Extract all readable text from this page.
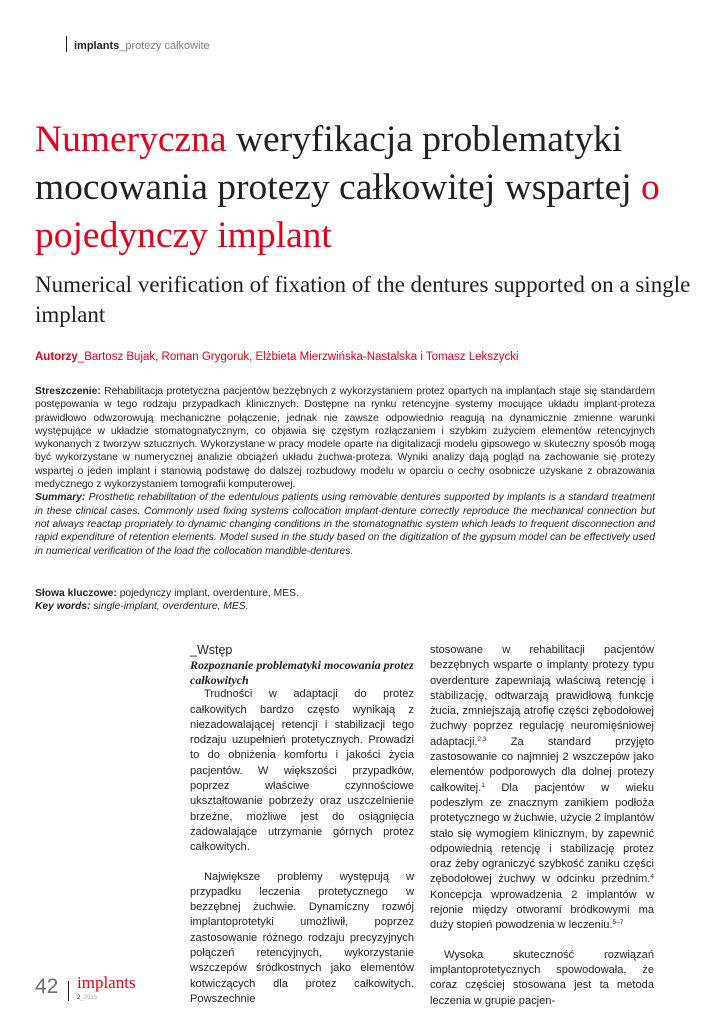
implants_protezy całkowite
Numeryczna weryfikacja problematyki mocowania protezy całkowitej wspartej o pojedynczy implant
Numerical verification of fixation of the dentures supported on a single implant
Autorzy_Bartosz Bujak, Roman Grygoruk, Elżbieta Mierzwińska-Nastalska i Tomasz Lekszycki

Streszczenie: Rehabilitacja protetyczna pacjentów bezzębnych z wykorzystaniem protez opartych na implantach staje się standardem postępowania w tego rodzaju przypadkach klinicznych. Dostępne na rynku retencyjne systemy mocujące układu implant-proteza prawidłowo odwzorowują mechaniczne połączenie, jednak nie zawsze odpowiednio reagują na dynamicznie zmienne warunki występujące w układzie stomatognatycznym, co objawia się częstym rozłączaniem i szybkim zużyciem elementów retencyjnych wykonanych z tworzyw sztucznych. Wykorzystane w pracy modele oparte na digitalizacji modelu gipsowego w skuteczny sposób mogą być wykorzystane w numerycznej analizie obciążeń układu żuchwa-proteza. Wyniki analizy dają pogląd na zachowanie się protezy wspartej o jeden implant i stanowią podstawę do dalszej rozbudowy modelu w oparciu o cechy osobnicze uzyskane z obrazowania medycznego z wykorzystaniem tomografii komputerowej.

Summary: Prosthetic rehabilitation of the edentulous patients using removable dentures supported by implants is a standard treatment in these clinical cases. Commonly used fixing systems collocation implant-denture correctly reproduce the mechanical connection but not always reactap propriately to dynamic changing conditions in the stomatognathic system which leads to frequent disconnection and rapid expenditure of retention elements. Model sused in the study based on the digitization of the gypsum model can be effectively used in numerical verification of the load the collocation mandible-dentures.

Słowa kluczowe: pojedynczy implant, overdenture, MES.

Key words: single-implant, overdenture, MES.

_Wstęp

Rozpoznanie problematyki mocowania protez całkowitych

Trudności w adaptacji do protez całkowitych bardzo często wynikają z niezadowalającej retencji i stabilizacji tego rodzaju uzupełnień protetycznych. Prowadzi to do obniżenia komfortu i jakości życia pacjentów. W większości przypadków, poprzez właściwe czynnościowe ukształtowanie pobrzeży oraz uszczelnienie brzeżne, możliwe jest do osiągnięcia zadowalające utrzymanie górnych protez całkowitych.

Największe problemy występują w przypadku leczenia protetycznego w bezzębnej żuchwie. Dynamiczny rozwój implantoprotetyki umożliwił, poprzez zastosowanie różnego rodzaju precyzyjnych połączeń retencyjnych, wykorzystanie wszczepów śródkostnych jako elementów kotwiczących dla protez całkowitych. Powszechnie

stosowane w rehabilitacji pacjentów bezzębnych wsparte o implanty protezy typu overdenture zapewniają właściwą retencję i stabilizację, odtwarzają prawidłową funkcję żucia, zmniejszają atrofię części zębodołowej żuchwy poprzez regulację neuromięśniowej adaptacji.$^{2,3}$ Za standard przyjęto zastosowanie co najmniej 2 wszczepów jako elementów podporowych dla dolnej protezy całkowitej.$^1$ Dla pacjentów w wieku podeszłym ze znacznym zanikiem podłoża protetycznego w żuchwie, użycie 2 implantów stało się wymogiem klinicznym, by zapewnić odpowiednią retencję i stabilizację protez oraz żeby ograniczyć szybkość zaniku części zębodołowej żuchwy w odcinku przednim.$^4$ Koncepcja wprowadzenia 2 implantów w rejonie między otworami bródkowymi ma duży stopień powodzenia w leczeniu.$^{5-7}$

Wysoka skuteczność rozwiązań implantoprotetycznych spowodowała, że coraz częściej stosowana jest ta metoda leczenia w grupie pacjen-

42 implants
2_2015
